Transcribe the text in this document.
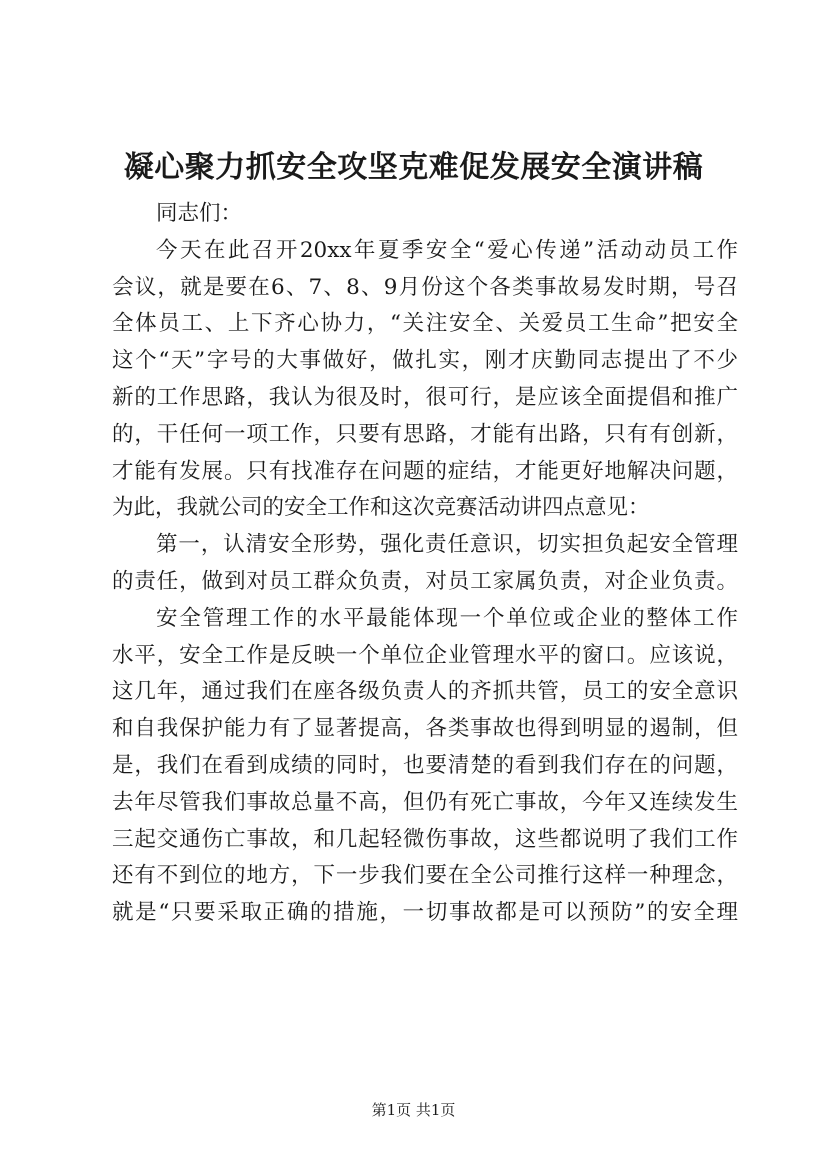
凝心聚力抓安全攻坚克难促发展安全演讲稿
同志们：
今天在此召开20xx年夏季安全“爱心传递”活动动员工作
会议，就是要在6、7、8、9月份这个各类事故易发时期，号召
全体员工、上下齐心协力，“关注安全、关爱员工生命”把安全
这个“天”字号的大事做好，做扎实，刚才庆勤同志提出了不少
新的工作思路，我认为很及时，很可行，是应该全面提倡和推广
的，干任何一项工作，只要有思路，才能有出路，只有有创新，
才能有发展。只有找准存在问题的症结，才能更好地解决问题，
为此，我就公司的安全工作和这次竞赛活动讲四点意见：
第一，认清安全形势，强化责任意识，切实担负起安全管理
的责任，做到对员工群众负责，对员工家属负责，对企业负责。
安全管理工作的水平最能体现一个单位或企业的整体工作
水平，安全工作是反映一个单位企业管理水平的窗口。应该说，
这几年，通过我们在座各级负责人的齐抓共管，员工的安全意识
和自我保护能力有了显著提高，各类事故也得到明显的遏制，但
是，我们在看到成绩的同时，也要清楚的看到我们存在的问题，
去年尽管我们事故总量不高，但仍有死亡事故，今年又连续发生
三起交通伤亡事故，和几起轻微伤事故，这些都说明了我们工作
还有不到位的地方，下一步我们要在全公司推行这样一种理念，
就是“只要采取正确的措施，一切事故都是可以预防”的安全理
第1页 共1页
